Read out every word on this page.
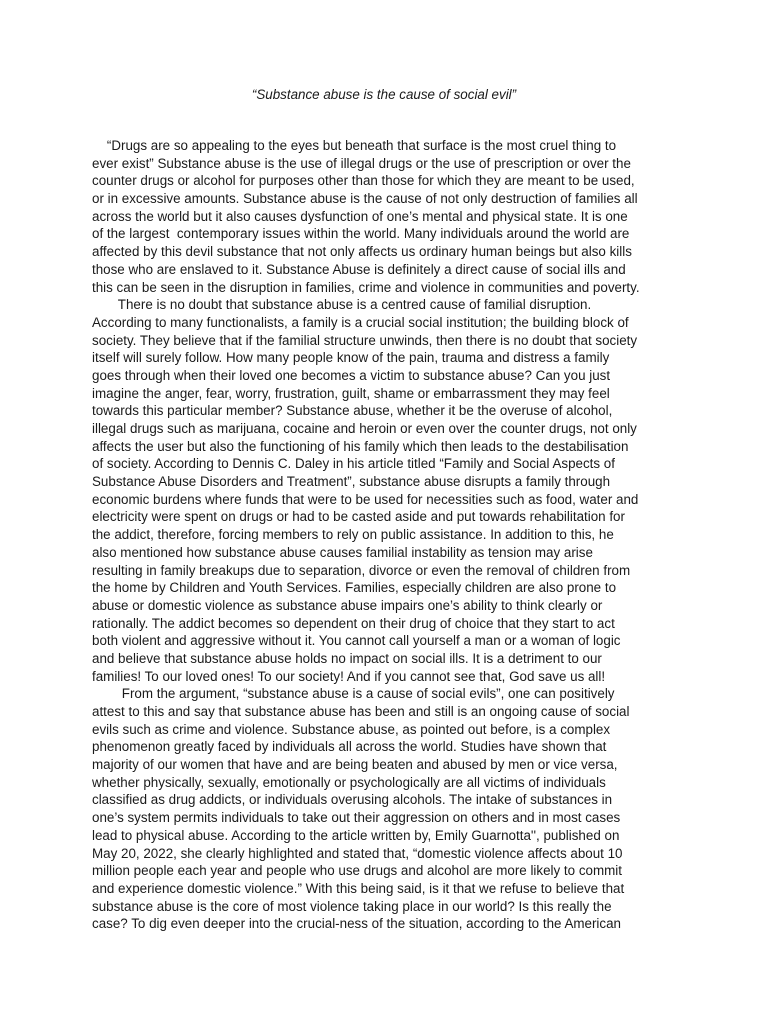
“Substance abuse is the cause of social evil”
“Drugs are so appealing to the eyes but beneath that surface is the most cruel thing to
ever exist” Substance abuse is the use of illegal drugs or the use of prescription or over the
counter drugs or alcohol for purposes other than those for which they are meant to be used,
or in excessive amounts. Substance abuse is the cause of not only destruction of families all
across the world but it also causes dysfunction of one’s mental and physical state. It is one
of the largest  contemporary issues within the world. Many individuals around the world are
affected by this devil substance that not only affects us ordinary human beings but also kills
those who are enslaved to it. Substance Abuse is definitely a direct cause of social ills and
this can be seen in the disruption in families, crime and violence in communities and poverty.
There is no doubt that substance abuse is a centred cause of familial disruption.
According to many functionalists, a family is a crucial social institution; the building block of
society. They believe that if the familial structure unwinds, then there is no doubt that society
itself will surely follow. How many people know of the pain, trauma and distress a family
goes through when their loved one becomes a victim to substance abuse? Can you just
imagine the anger, fear, worry, frustration, guilt, shame or embarrassment they may feel
towards this particular member? Substance abuse, whether it be the overuse of alcohol,
illegal drugs such as marijuana, cocaine and heroin or even over the counter drugs, not only
affects the user but also the functioning of his family which then leads to the destabilisation
of society. According to Dennis C. Daley in his article titled “Family and Social Aspects of
Substance Abuse Disorders and Treatment”, substance abuse disrupts a family through
economic burdens where funds that were to be used for necessities such as food, water and
electricity were spent on drugs or had to be casted aside and put towards rehabilitation for
the addict, therefore, forcing members to rely on public assistance. In addition to this, he
also mentioned how substance abuse causes familial instability as tension may arise
resulting in family breakups due to separation, divorce or even the removal of children from
the home by Children and Youth Services. Families, especially children are also prone to
abuse or domestic violence as substance abuse impairs one’s ability to think clearly or
rationally. The addict becomes so dependent on their drug of choice that they start to act
both violent and aggressive without it. You cannot call yourself a man or a woman of logic
and believe that substance abuse holds no impact on social ills. It is a detriment to our
families! To our loved ones! To our society! And if you cannot see that, God save us all!
From the argument, “substance abuse is a cause of social evils”, one can positively
attest to this and say that substance abuse has been and still is an ongoing cause of social
evils such as crime and violence. Substance abuse, as pointed out before, is a complex
phenomenon greatly faced by individuals all across the world. Studies have shown that
majority of our women that have and are being beaten and abused by men or vice versa,
whether physically, sexually, emotionally or psychologically are all victims of individuals
classified as drug addicts, or individuals overusing alcohols. The intake of substances in
one’s system permits individuals to take out their aggression on others and in most cases
lead to physical abuse. According to the article written by, Emily Guarnotta'', published on
May 20, 2022, she clearly highlighted and stated that, “domestic violence affects about 10
million people each year and people who use drugs and alcohol are more likely to commit
and experience domestic violence.” With this being said, is it that we refuse to believe that
substance abuse is the core of most violence taking place in our world? Is this really the
case? To dig even deeper into the crucial-ness of the situation, according to the American
